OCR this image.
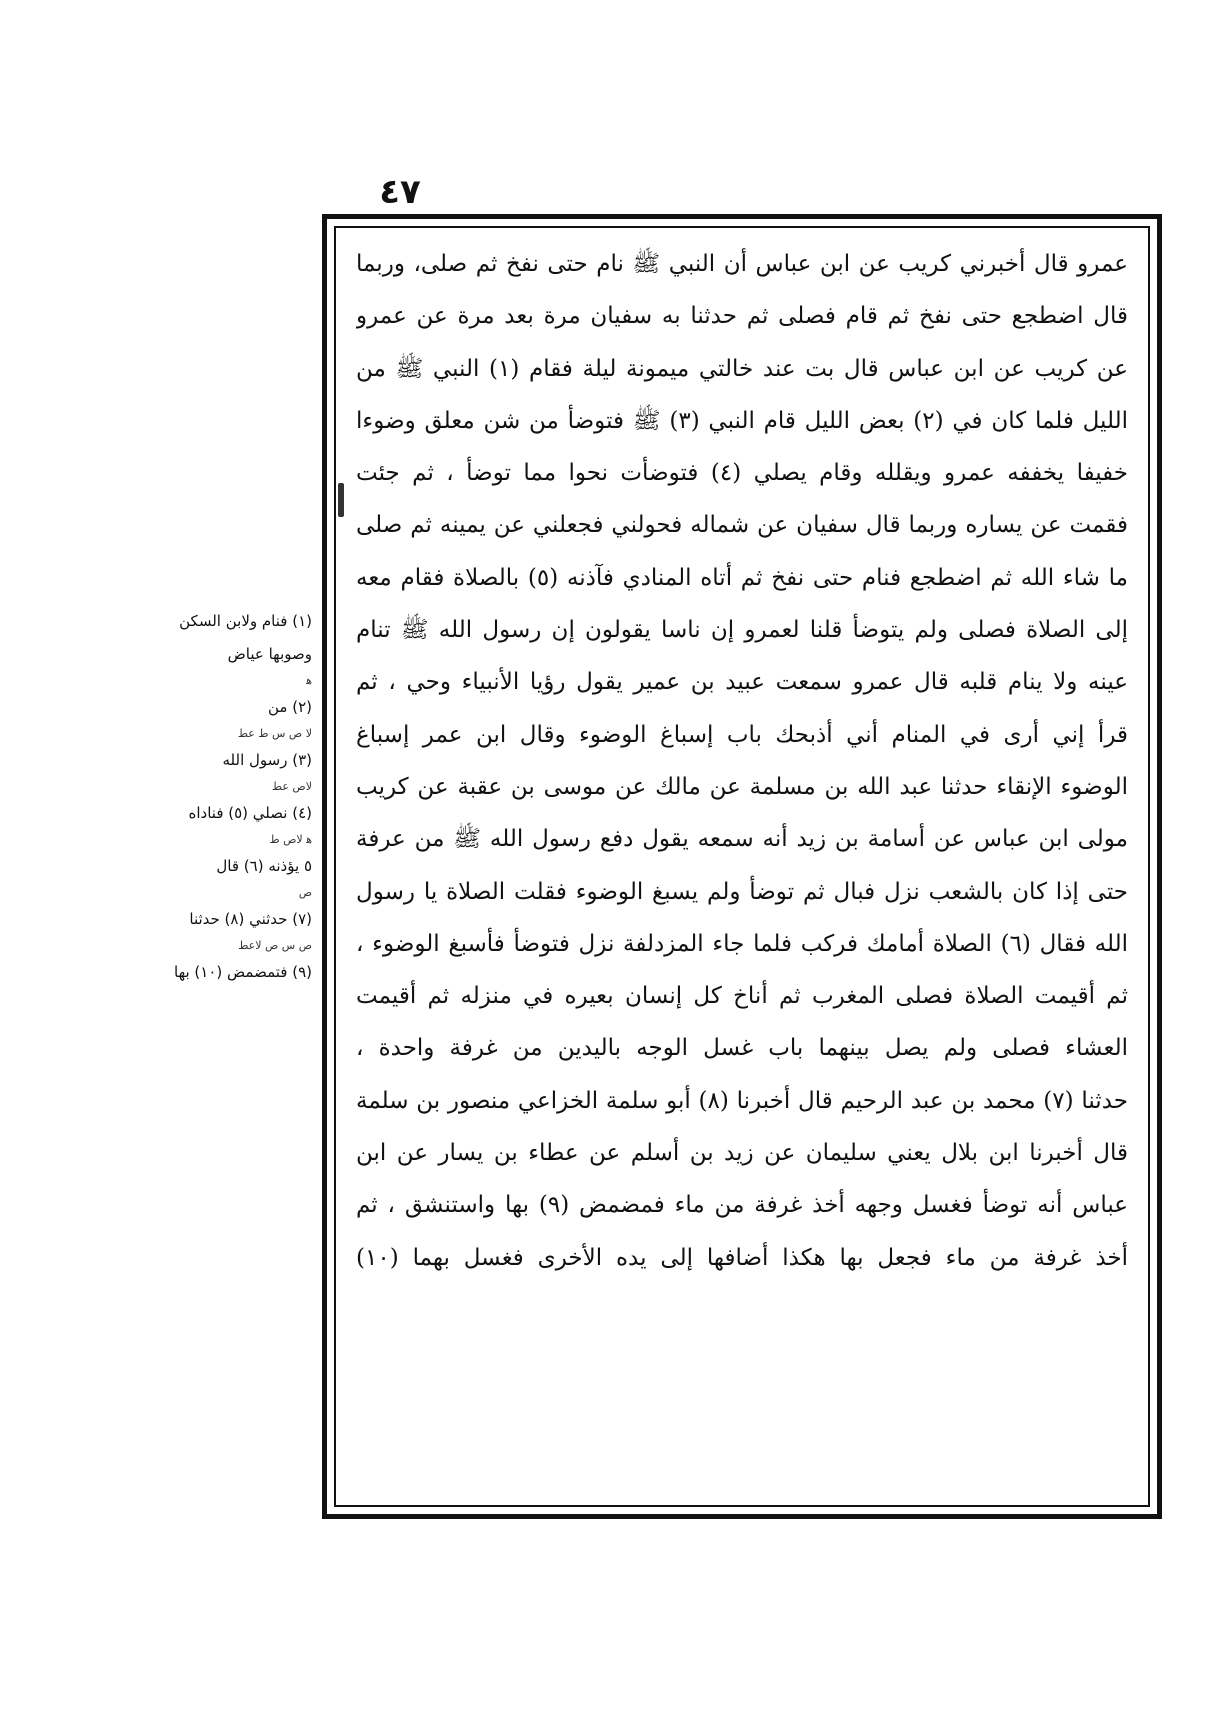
٤٧
عمرو قال أخبرني كريب عن ابن عباس أن النبي ﷺ نام حتى نفخ ثم صلى، وربما
قال اضطجع حتى نفخ ثم قام فصلى ثم حدثنا به سفيان مرة بعد مرة عن عمرو
عن كريب عن ابن عباس قال بت عند خالتي ميمونة ليلة فقام (١) النبي ﷺ من
الليل فلما كان في (٢) بعض الليل قام النبي (٣) ﷺ فتوضأ من شن معلق وضوءا
خفيفا يخففه عمرو ويقلله وقام يصلي (٤) فتوضأت نحوا مما توضأ ، ثم جئت
فقمت عن يساره وربما قال سفيان عن شماله فحولني فجعلني عن يمينه ثم صلى
ما شاء الله ثم اضطجع فنام حتى نفخ ثم أتاه المنادي فآذنه (٥) بالصلاة فقام معه
إلى الصلاة فصلى ولم يتوضأ قلنا لعمرو إن ناسا يقولون إن رسول الله ﷺ تنام
عينه ولا ينام قلبه قال عمرو سمعت عبيد بن عمير يقول رؤيا الأنبياء وحي ، ثم
قرأ إني أرى في المنام أني أذبحك باب إسباغ الوضوء وقال ابن عمر إسباغ
الوضوء الإنقاء حدثنا عبد الله بن مسلمة عن مالك عن موسى بن عقبة عن كريب
مولى ابن عباس عن أسامة بن زيد أنه سمعه يقول دفع رسول الله ﷺ من عرفة
حتى إذا كان بالشعب نزل فبال ثم توضأ ولم يسبغ الوضوء فقلت الصلاة يا رسول
الله فقال (٦) الصلاة أمامك فركب فلما جاء المزدلفة نزل فتوضأ فأسبغ الوضوء ،
ثم أقيمت الصلاة فصلى المغرب ثم أناخ كل إنسان بعيره في منزله ثم أقيمت
العشاء فصلى ولم يصل بينهما باب غسل الوجه باليدين من غرفة واحدة ،
حدثنا (٧) محمد بن عبد الرحيم قال أخبرنا (٨) أبو سلمة الخزاعي منصور بن سلمة
قال أخبرنا ابن بلال يعني سليمان عن زيد بن أسلم عن عطاء بن يسار عن ابن
عباس أنه توضأ فغسل وجهه أخذ غرفة من ماء فمضمض (٩) بها واستنشق ، ثم
أخذ غرفة من ماء فجعل بها هكذا أضافها إلى يده الأخرى فغسل بهما (١٠)
(١) فنام ولابن السكن
وصوبها عياض
ﻫ
(٢) من
لا ص س ط عط
(٣) رسول الله
لاص عط
(٤) نصلي (٥) فناداه
ﻫ لاص ط
٥ يؤذنه (٦) قال
ص
(٧) حدثني (٨) حدثنا
ص س ص لاعط
(٩) فتمضمض (١٠) بها
